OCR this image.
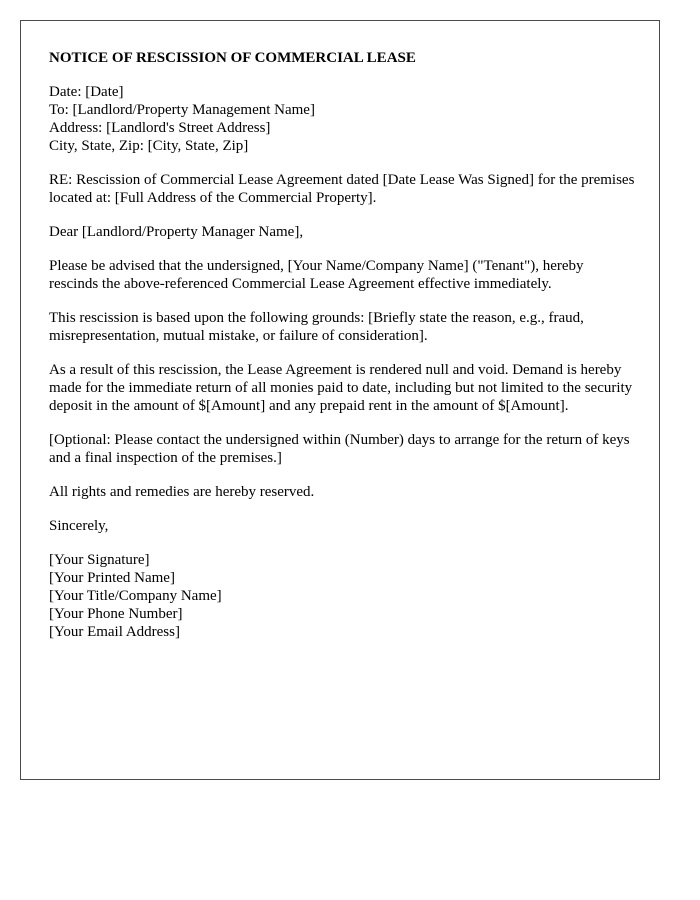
NOTICE OF RESCISSION OF COMMERCIAL LEASE
Date: [Date]
To: [Landlord/Property Management Name]
Address: [Landlord's Street Address]
City, State, Zip: [City, State, Zip]

RE: Rescission of Commercial Lease Agreement dated [Date Lease Was Signed] for the premises located at: [Full Address of the Commercial Property].

Dear [Landlord/Property Manager Name],

Please be advised that the undersigned, [Your Name/Company Name] ("Tenant"), hereby rescinds the above-referenced Commercial Lease Agreement effective immediately.

This rescission is based upon the following grounds: [Briefly state the reason, e.g., fraud, misrepresentation, mutual mistake, or failure of consideration].

As a result of this rescission, the Lease Agreement is rendered null and void. Demand is hereby made for the immediate return of all monies paid to date, including but not limited to the security deposit in the amount of $[Amount] and any prepaid rent in the amount of $[Amount].

[Optional: Please contact the undersigned within (Number) days to arrange for the return of keys and a final inspection of the premises.]

All rights and remedies are hereby reserved.

Sincerely,

[Your Signature]
[Your Printed Name]
[Your Title/Company Name]
[Your Phone Number]
[Your Email Address]
